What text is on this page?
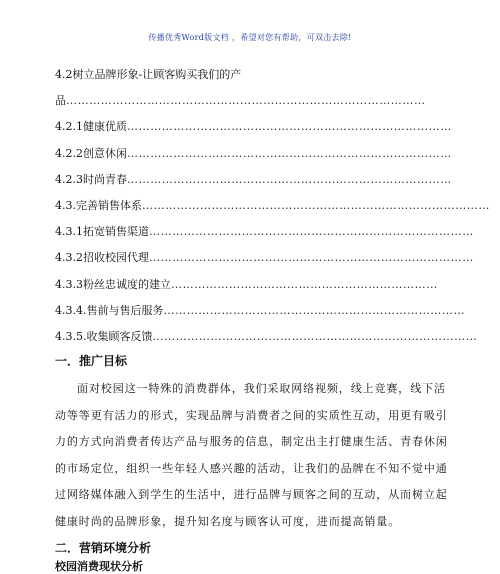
传播优秀Word版文档 ，希望对您有帮助，可双击去除!
4.2树立品牌形象-让顾客购买我们的产
品 …………………………………………………………………………………
4.2.1健康优质 …………………………………………………………………………
4.2.2创意休闲 …………………………………………………………………………
4.2.3时尚青春 …………………………………………………………………………
4.3.完善销售体系 ………………………………………………………………………………
4.3.1拓宽销售渠道 …………………………………………………………………………
4.3.2招收校园代理 …………………………………………………………………………
4.3.3粉丝忠诚度的建立 ……………………………………………………………
4.3.4.售前与售后服务 ……………………………………………………………………
4.3.5.收集顾客反馈 …………………………………………………………………………
一．推广目标
面对校园这一特殊的消费群体，我们采取网络视频，线上竞赛，线下活
动等等更有活力的形式，实现品牌与消费者之间的实质性互动，用更有吸引
力的方式向消费者传达产品与服务的信息，制定出主打健康生活、青春休闲
的市场定位，组织一些年轻人感兴趣的活动，让我们的品牌在不知不觉中通
过网络媒体融入到学生的生活中，进行品牌与顾客之间的互动，从而树立起
健康时尚的品牌形象，提升知名度与顾客认可度，进而提高销量。
二．营销环境分析
校园消费现状分析
